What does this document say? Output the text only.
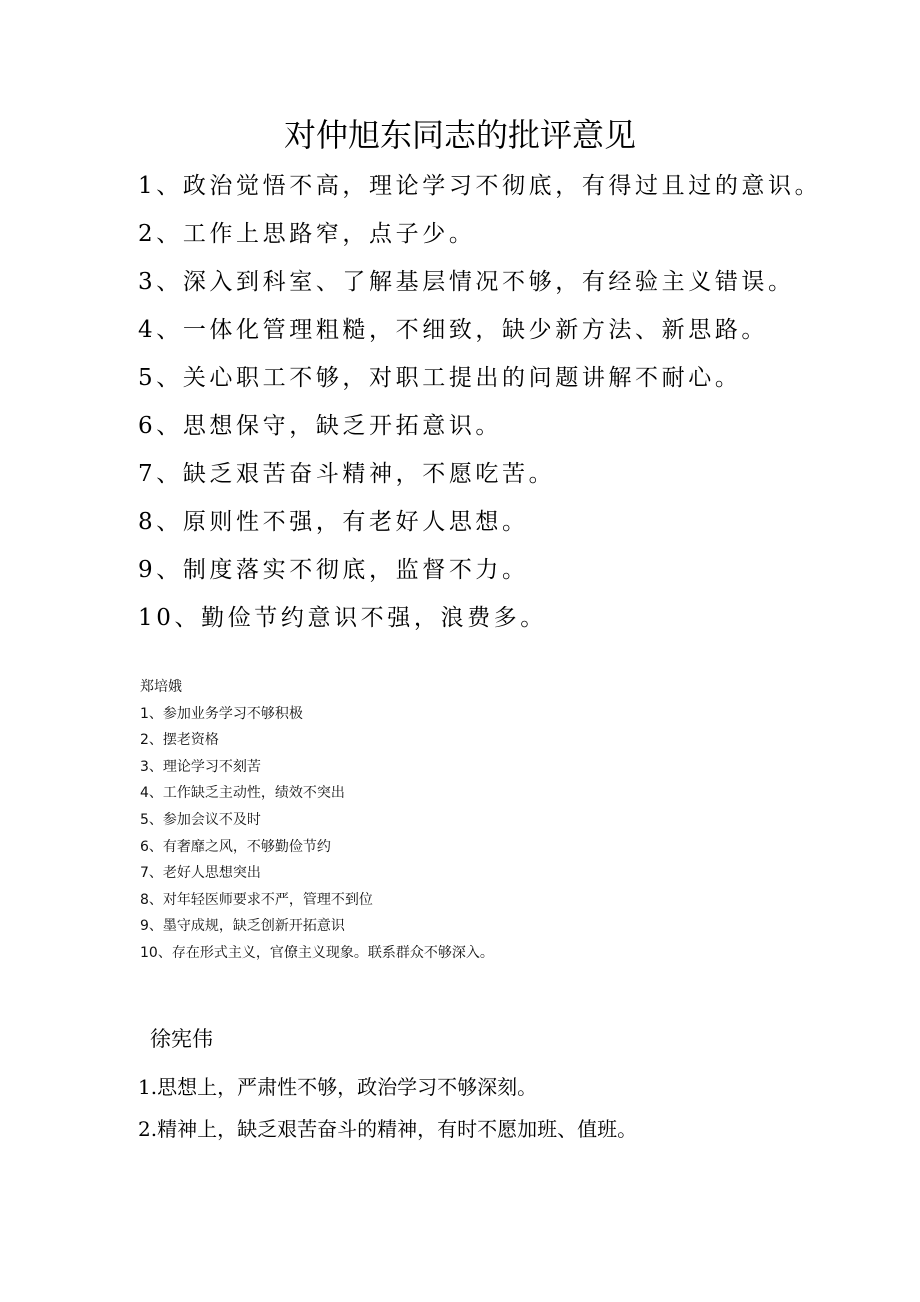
对仲旭东同志的批评意见
1、政治觉悟不高，理论学习不彻底，有得过且过的意识。
2、工作上思路窄，点子少。
3、深入到科室、了解基层情况不够，有经验主义错误。
4、一体化管理粗糙，不细致，缺少新方法、新思路。
5、关心职工不够，对职工提出的问题讲解不耐心。
6、思想保守，缺乏开拓意识。
7、缺乏艰苦奋斗精神，不愿吃苦。
8、原则性不强，有老好人思想。
9、制度落实不彻底，监督不力。
10、勤俭节约意识不强，浪费多。
郑培娥
1、参加业务学习不够积极
2、摆老资格
3、理论学习不刻苦
4、工作缺乏主动性，绩效不突出
5、参加会议不及时
6、有奢靡之风，不够勤俭节约
7、老好人思想突出
8、对年轻医师要求不严，管理不到位
9、墨守成规，缺乏创新开拓意识
10、存在形式主义，官僚主义现象。联系群众不够深入。
徐宪伟
1.思想上，严肃性不够，政治学习不够深刻。
2.精神上，缺乏艰苦奋斗的精神，有时不愿加班、值班。
